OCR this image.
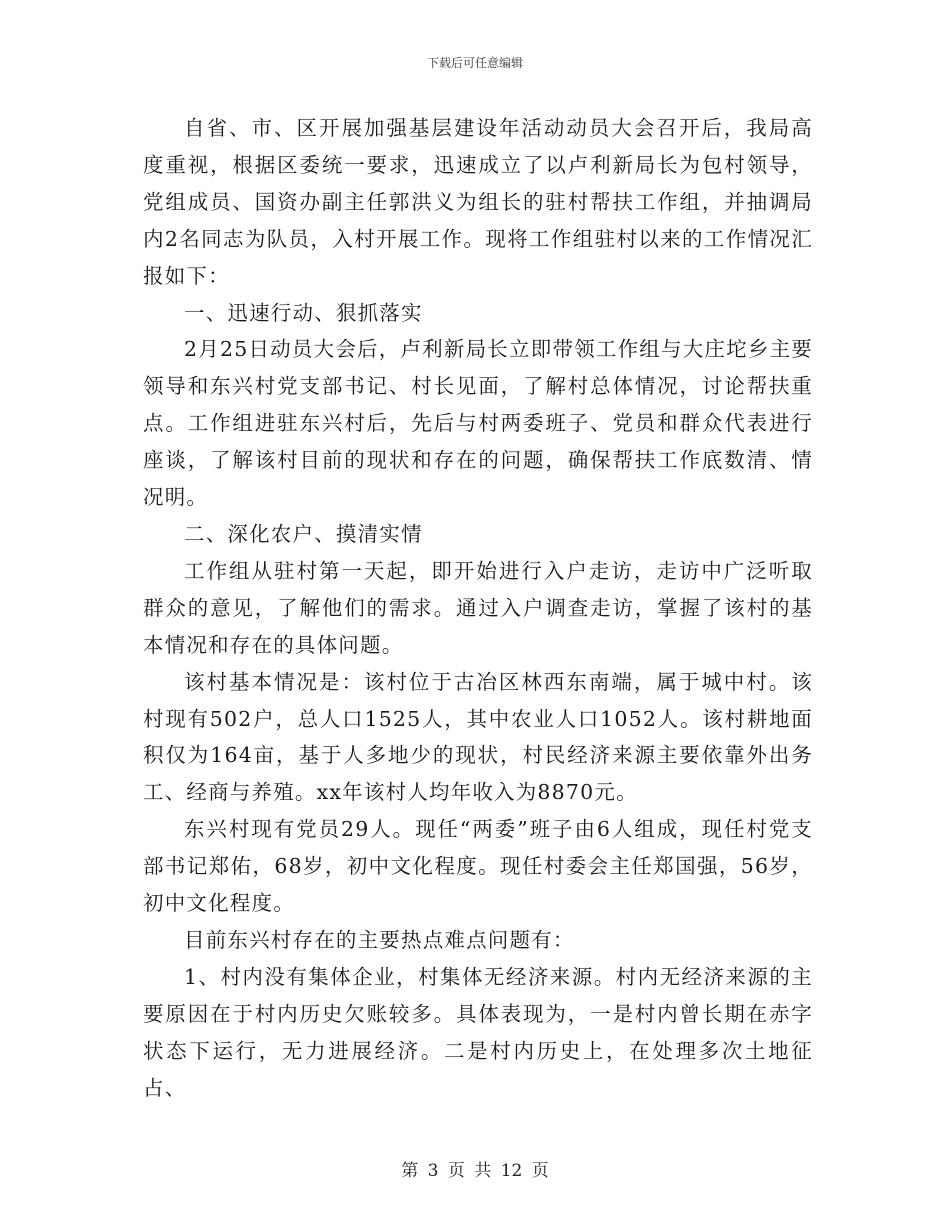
下载后可任意编辑

自省、市、区开展加强基层建设年活动动员大会召开后，我局高度重视，根据区委统一要求，迅速成立了以卢利新局长为包村领导，党组成员、国资办副主任郭洪义为组长的驻村帮扶工作组，并抽调局内2名同志为队员，入村开展工作。现将工作组驻村以来的工作情况汇报如下：

一、迅速行动、狠抓落实

2月25日动员大会后，卢利新局长立即带领工作组与大庄坨乡主要领导和东兴村党支部书记、村长见面，了解村总体情况，讨论帮扶重点。工作组进驻东兴村后，先后与村两委班子、党员和群众代表进行座谈，了解该村目前的现状和存在的问题，确保帮扶工作底数清、情况明。

二、深化农户、摸清实情

工作组从驻村第一天起，即开始进行入户走访，走访中广泛听取群众的意见，了解他们的需求。通过入户调查走访，掌握了该村的基本情况和存在的具体问题。

该村基本情况是：该村位于古冶区林西东南端，属于城中村。该村现有502户，总人口1525人，其中农业人口1052人。该村耕地面积仅为164亩，基于人多地少的现状，村民经济来源主要依靠外出务工、经商与养殖。xx年该村人均年收入为8870元。

东兴村现有党员29人。现任“两委”班子由6人组成，现任村党支部书记郑佑，68岁，初中文化程度。现任村委会主任郑国强，56岁，初中文化程度。

目前东兴村存在的主要热点难点问题有：

1、村内没有集体企业，村集体无经济来源。村内无经济来源的主要原因在于村内历史欠账较多。具体表现为，一是村内曾长期在赤字状态下运行，无力进展经济。二是村内历史上，在处理多次土地征占、

第 3 页 共 12 页
